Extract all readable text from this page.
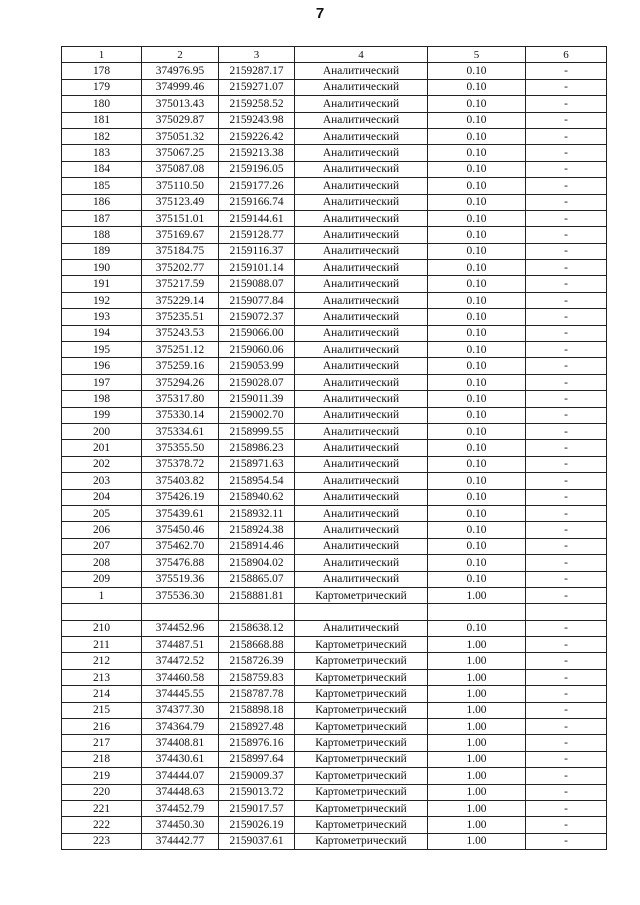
7
1	2	3	4	5	6
178	374976.95	2159287.17	Аналитический	0.10	-
179	374999.46	2159271.07	Аналитический	0.10	-
180	375013.43	2159258.52	Аналитический	0.10	-
181	375029.87	2159243.98	Аналитический	0.10	-
182	375051.32	2159226.42	Аналитический	0.10	-
183	375067.25	2159213.38	Аналитический	0.10	-
184	375087.08	2159196.05	Аналитический	0.10	-
185	375110.50	2159177.26	Аналитический	0.10	-
186	375123.49	2159166.74	Аналитический	0.10	-
187	375151.01	2159144.61	Аналитический	0.10	-
188	375169.67	2159128.77	Аналитический	0.10	-
189	375184.75	2159116.37	Аналитический	0.10	-
190	375202.77	2159101.14	Аналитический	0.10	-
191	375217.59	2159088.07	Аналитический	0.10	-
192	375229.14	2159077.84	Аналитический	0.10	-
193	375235.51	2159072.37	Аналитический	0.10	-
194	375243.53	2159066.00	Аналитический	0.10	-
195	375251.12	2159060.06	Аналитический	0.10	-
196	375259.16	2159053.99	Аналитический	0.10	-
197	375294.26	2159028.07	Аналитический	0.10	-
198	375317.80	2159011.39	Аналитический	0.10	-
199	375330.14	2159002.70	Аналитический	0.10	-
200	375334.61	2158999.55	Аналитический	0.10	-
201	375355.50	2158986.23	Аналитический	0.10	-
202	375378.72	2158971.63	Аналитический	0.10	-
203	375403.82	2158954.54	Аналитический	0.10	-
204	375426.19	2158940.62	Аналитический	0.10	-
205	375439.61	2158932.11	Аналитический	0.10	-
206	375450.46	2158924.38	Аналитический	0.10	-
207	375462.70	2158914.46	Аналитический	0.10	-
208	375476.88	2158904.02	Аналитический	0.10	-
209	375519.36	2158865.07	Аналитический	0.10	-
1	375536.30	2158881.81	Картометрический	1.00	-

210	374452.96	2158638.12	Аналитический	0.10	-
211	374487.51	2158668.88	Картометрический	1.00	-
212	374472.52	2158726.39	Картометрический	1.00	-
213	374460.58	2158759.83	Картометрический	1.00	-
214	374445.55	2158787.78	Картометрический	1.00	-
215	374377.30	2158898.18	Картометрический	1.00	-
216	374364.79	2158927.48	Картометрический	1.00	-
217	374408.81	2158976.16	Картометрический	1.00	-
218	374430.61	2158997.64	Картометрический	1.00	-
219	374444.07	2159009.37	Картометрический	1.00	-
220	374448.63	2159013.72	Картометрический	1.00	-
221	374452.79	2159017.57	Картометрический	1.00	-
222	374450.30	2159026.19	Картометрический	1.00	-
223	374442.77	2159037.61	Картометрический	1.00	-
